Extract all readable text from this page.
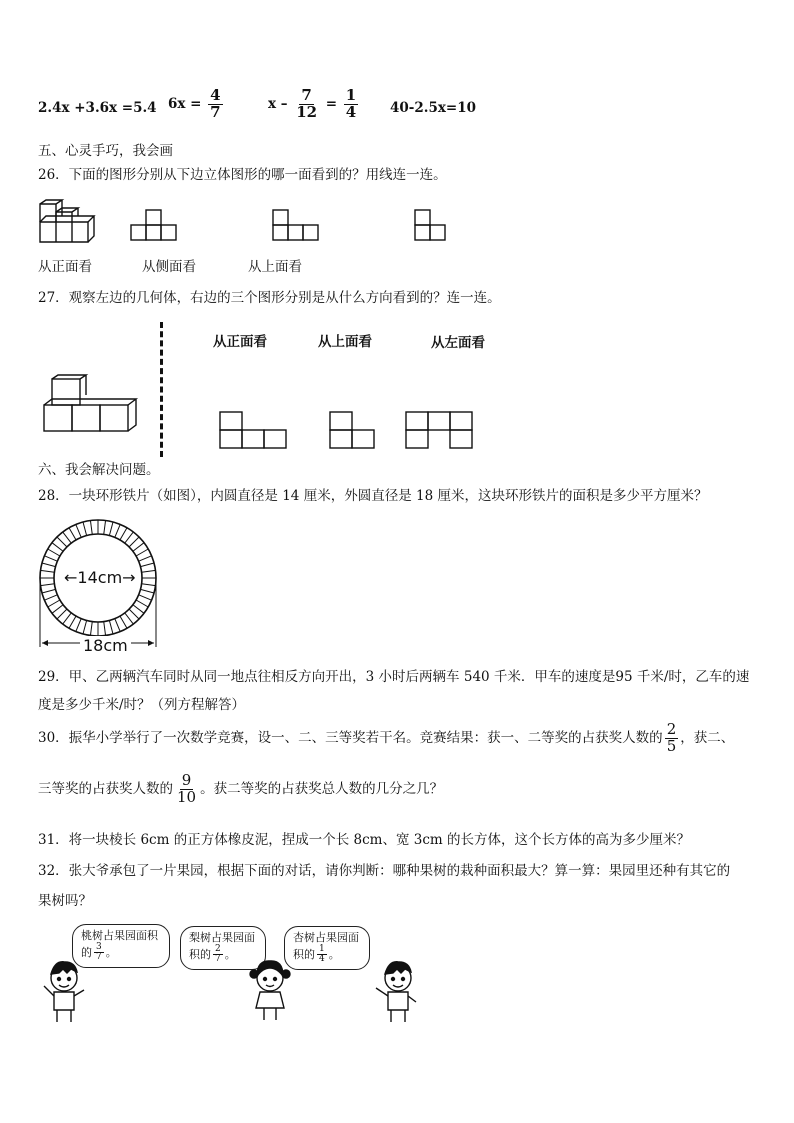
2.4x +3.6x =5.4 $6x = \frac{4}{7}$	$x - \frac{7}{12} = \frac{1}{4} 40-2.5x=10$
五、心灵手巧，我会画
26．下面的图形分别从下边立体图形的哪一面看到的？用线连一连。
从正面看	从侧面看	从上面看
27．观察左边的几何体，右边的三个图形分别是从什么方向看到的？连一连。
从正面看	从上面看	从左面看
六、我会解决问题。
28．一块环形铁片（如图），内圆直径是 14 厘米，外圆直径是 18 厘米，这块环形铁片的面积是多少平方厘米？
←14cm→
18cm
29．甲、乙两辆汽车同时从同一地点往相反方向开出，3 小时后两辆车 540 千米．甲车的速度是95 千米/时，乙车的速
度是多少千米/时？（列方程解答）
30．振华小学举行了一次数学竞赛，设一、二、三等奖若干名。竞赛结果：获一、二等奖的占获奖人数的 $\frac{2}{5}$ ，获二、
三等奖的占获奖人数的 $\frac{9}{10}$ 。获二等奖的占获奖总人数的几分之几？
31．将一块棱长 6cm 的正方体橡皮泥，捏成一个长 8cm、宽 3cm 的长方体，这个长方体的高为多少厘米？
32．张大爷承包了一片果园，根据下面的对话，请你判断：哪种果树的栽种面积最大？算一算：果园里还种有其它的
果树吗？
桃树占果园面积
的 $\frac{3}{7}$ 。
梨树占果园面
积的 $\frac{2}{7}$ 。
杏树占果园面
积的 $\frac{1}{4}$ 。
